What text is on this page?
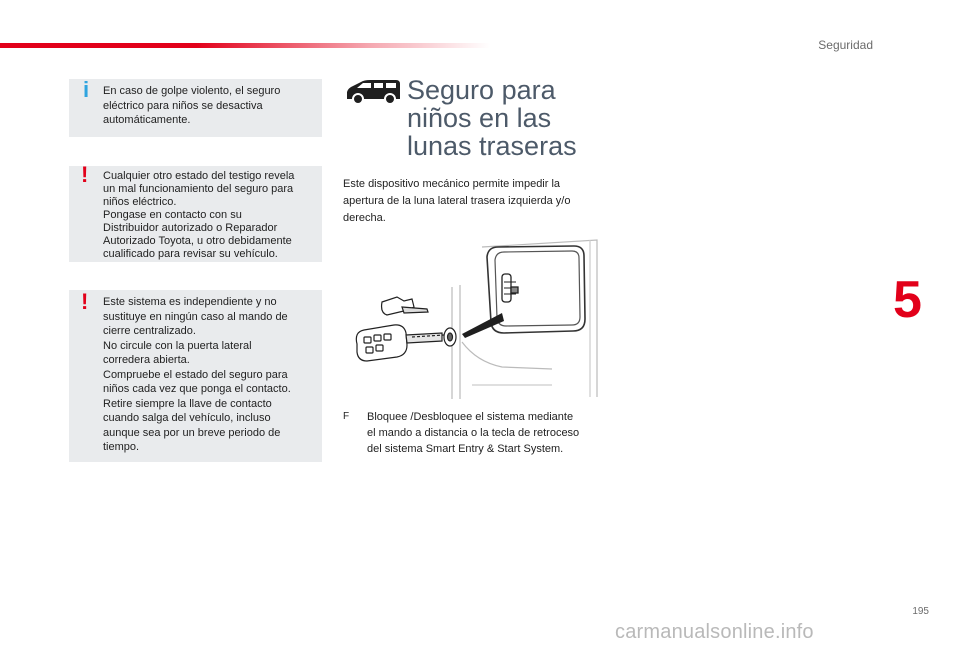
Seguridad
5
i En caso de golpe violento, el seguro
eléctrico para niños se desactiva
automáticamente.
! Cualquier otro estado del testigo revela
un mal funcionamiento del seguro para
niños eléctrico.
Pongase en contacto con su
Distribuidor autorizado o Reparador
Autorizado Toyota, u otro debidamente
cualificado para revisar su vehículo.
! Este sistema es independiente y no
sustituye en ningún caso al mando de
cierre centralizado.
No circule con la puerta lateral
corredera abierta.
Compruebe el estado del seguro para
niños cada vez que ponga el contacto.
Retire siempre la llave de contacto
cuando salga del vehículo, incluso
aunque sea por un breve periodo de
tiempo.
Seguro para
niños en las
lunas traseras
Este dispositivo mecánico permite impedir la
apertura de la luna lateral trasera izquierda y/o
derecha.
F Bloquee /Desbloquee el sistema mediante
el mando a distancia o la tecla de retroceso
del sistema Smart Entry & Start System.
195
carmanualsonline.info
